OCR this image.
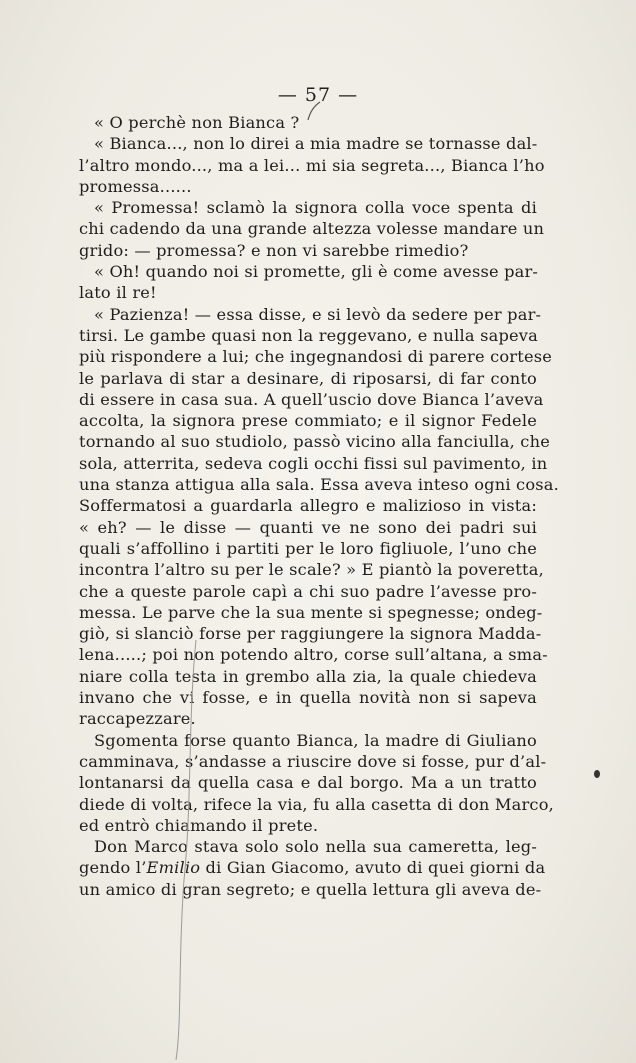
— 57 —
« O perchè non Bianca ?
« Bianca..., non lo direi a mia madre se tornasse dal-
l’altro mondo..., ma a lei... mi sia segreta..., Bianca l’ho
promessa......
« Promessa! sclamò la signora colla voce spenta di
chi cadendo da una grande altezza volesse mandare un
grido: — promessa? e non vi sarebbe rimedio?
« Oh! quando noi si promette, gli è come avesse par-
lato il re!
« Pazienza! — essa disse, e si levò da sedere per par-
tirsi. Le gambe quasi non la reggevano, e nulla sapeva
più rispondere a lui; che ingegnandosi di parere cortese
le parlava di star a desinare, di riposarsi, di far conto
di essere in casa sua. A quell’uscio dove Bianca l’aveva
accolta, la signora prese commiato; e il signor Fedele
tornando al suo studiolo, passò vicino alla fanciulla, che
sola, atterrita, sedeva cogli occhi fissi sul pavimento, in
una stanza attigua alla sala. Essa aveva inteso ogni cosa.
Soffermatosi a guardarla allegro e malizioso in vista:
« eh? — le disse — quanti ve ne sono dei padri sui
quali s’affollino i partiti per le loro figliuole, l’uno che
incontra l’altro su per le scale? » E piantò la poveretta,
che a queste parole capì a chi suo padre l’avesse pro-
messa. Le parve che la sua mente si spegnesse; ondeg-
giò, si slanciò forse per raggiungere la signora Madda-
lena.....; poi non potendo altro, corse sull’altana, a sma-
niare colla testa in grembo alla zia, la quale chiedeva
invano che vi fosse, e in quella novità non si sapeva
raccapezzare.
Sgomenta forse quanto Bianca, la madre di Giuliano
camminava, s’andasse a riuscire dove si fosse, pur d’al-
lontanarsi da quella casa e dal borgo. Ma a un tratto
diede di volta, rifece la via, fu alla casetta di don Marco,
ed entrò chiamando il prete.
Don Marco stava solo solo nella sua cameretta, leg-
gendo l’Emilio di Gian Giacomo, avuto di quei giorni da
un amico di gran segreto; e quella lettura gli aveva de-
